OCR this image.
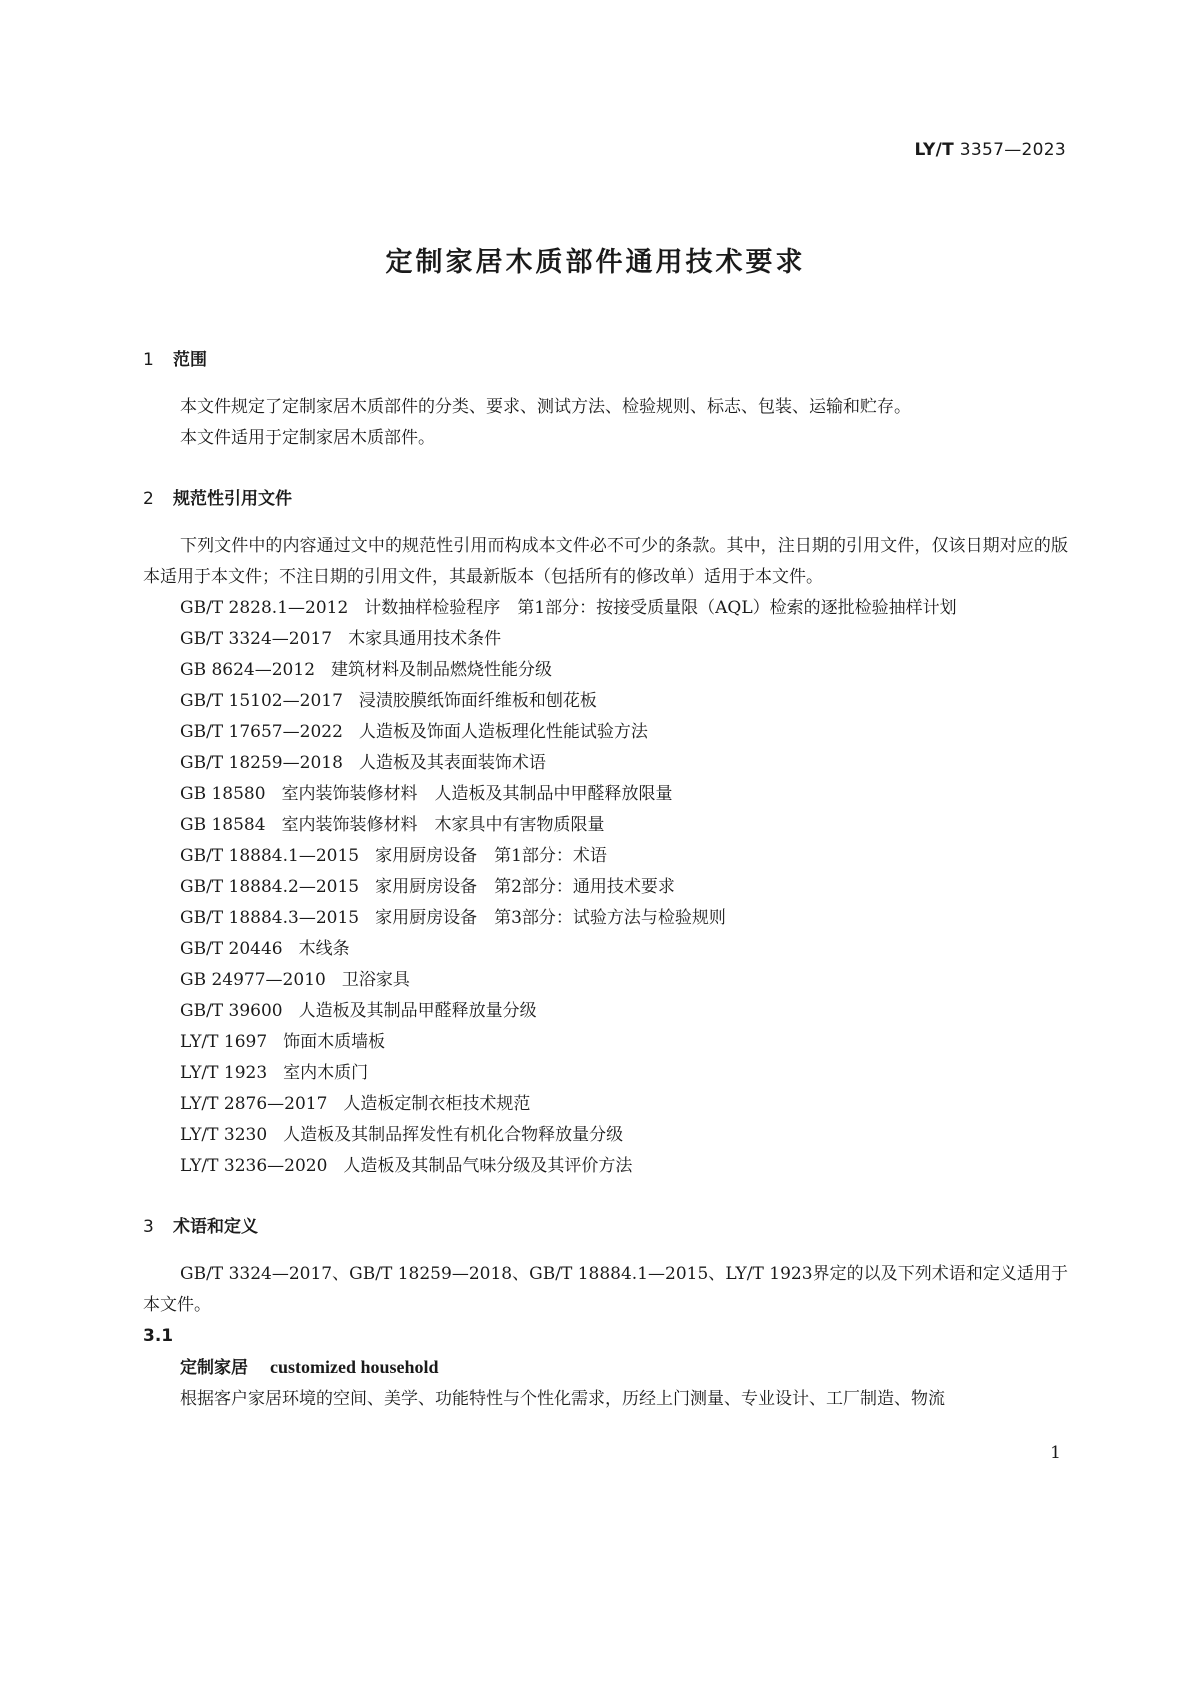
LY/T 3357—2023
定制家居木质部件通用技术要求
1 范围

本文件规定了定制家居木质部件的分类、要求、测试方法、检验规则、标志、包装、运输和贮存。

本文件适用于定制家居木质部件。

2 规范性引用文件

下列文件中的内容通过文中的规范性引用而构成本文件必不可少的条款。其中，注日期的引用文件，仅该日期对应的版本适用于本文件；不注日期的引用文件，其最新版本（包括所有的修改单）适用于本文件。

GB/T 2828.1—2012 计数抽样检验程序　第1部分：按接受质量限（AQL）检索的逐批检验抽样计划
GB/T 3324—2017 木家具通用技术条件
GB 8624—2012 建筑材料及制品燃烧性能分级
GB/T 15102—2017 浸渍胶膜纸饰面纤维板和刨花板
GB/T 17657—2022 人造板及饰面人造板理化性能试验方法
GB/T 18259—2018 人造板及其表面装饰术语
GB 18580 室内装饰装修材料　人造板及其制品中甲醛释放限量
GB 18584 室内装饰装修材料　木家具中有害物质限量
GB/T 18884.1—2015 家用厨房设备　第1部分：术语
GB/T 18884.2—2015 家用厨房设备　第2部分：通用技术要求
GB/T 18884.3—2015 家用厨房设备　第3部分：试验方法与检验规则
GB/T 20446 木线条
GB 24977—2010 卫浴家具
GB/T 39600 人造板及其制品甲醛释放量分级
LY/T 1697 饰面木质墙板
LY/T 1923 室内木质门
LY/T 2876—2017 人造板定制衣柜技术规范
LY/T 3230 人造板及其制品挥发性有机化合物释放量分级
LY/T 3236—2020 人造板及其制品气味分级及其评价方法
3 术语和定义

GB/T 3324—2017、GB/T 18259—2018、GB/T 18884.1—2015、LY/T 1923界定的以及下列术语和定义适用于本文件。

3.1
定制家居 customized household

根据客户家居环境的空间、美学、功能特性与个性化需求，历经上门测量、专业设计、工厂制造、物流

1
